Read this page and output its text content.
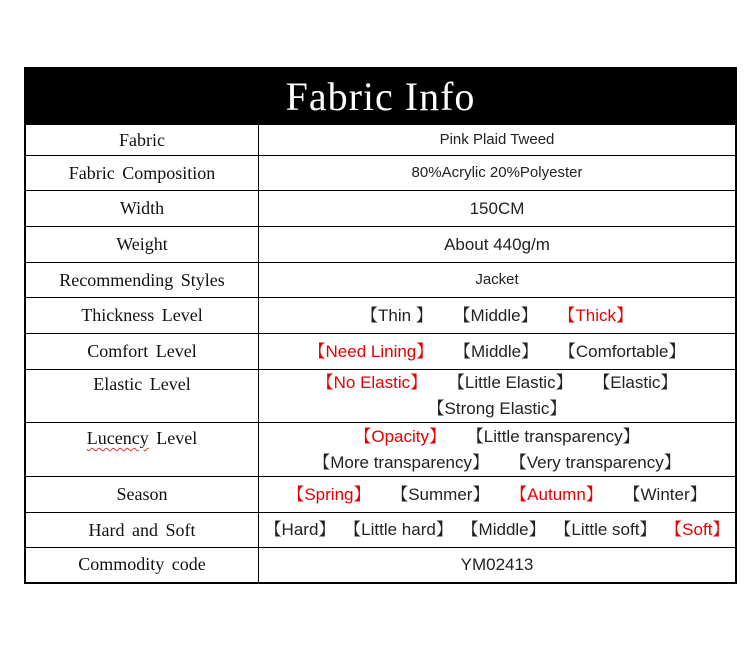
Fabric Info
Fabric	Pink Plaid Tweed
Fabric Composition	80%Acrylic 20%Polyester
Width	150CM
Weight	About 440g/m
Recommending Styles	Jacket
Thickness Level	【Thin 】 【Middle】 【Thick】
Comfort Level	【Need Lining】 【Middle】 【Comfortable】
Elastic Level	【No Elastic】 【Little Elastic】 【Elastic】
【Strong Elastic】

Lucency Level	【Opacity】 【Little transparency】
【More transparency】 【Very transparency】

Season	【Spring】 【Summer】 【Autumn】 【Winter】
Hard and Soft	【Hard】 【Little hard】 【Middle】 【Little soft】 【Soft】
Commodity code	YM02413
